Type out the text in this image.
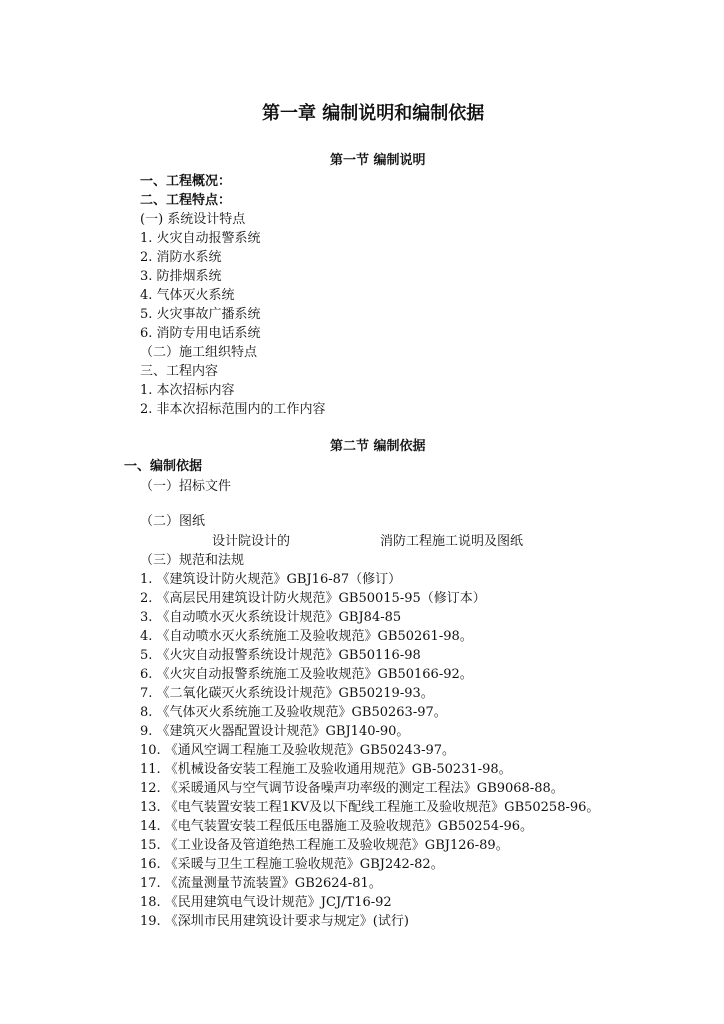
第一章 编制说明和编制依据
第一节 编制说明
一、工程概况：
二、工程特点：
(一) 系统设计特点
1. 火灾自动报警系统
2. 消防水系统
3. 防排烟系统
4. 气体灭火系统
5. 火灾事故广播系统
6. 消防专用电话系统
（二）施工组织特点
三、工程内容
1. 本次招标内容
2. 非本次招标范围内的工作内容
第二节 编制依据
一、编制依据
（一）招标文件
（二）图纸
设计院设计的	消防工程施工说明及图纸
（三）规范和法规
1. 《建筑设计防火规范》GBJ16-87（修订）
2. 《高层民用建筑设计防火规范》GB50015-95（修订本）
3. 《自动喷水灭火系统设计规范》GBJ84-85
4. 《自动喷水灭火系统施工及验收规范》GB50261-98。
5. 《火灾自动报警系统设计规范》GB50116-98
6. 《火灾自动报警系统施工及验收规范》GB50166-92。
7. 《二氧化碳灭火系统设计规范》GB50219-93。
8. 《气体灭火系统施工及验收规范》GB50263-97。
9. 《建筑灭火器配置设计规范》GBJ140-90。
10. 《通风空调工程施工及验收规范》GB50243-97。
11. 《机械设备安装工程施工及验收通用规范》GB-50231-98。
12. 《采暖通风与空气调节设备噪声功率级的测定工程法》GB9068-88。
13. 《电气装置安装工程1KV及以下配线工程施工及验收规范》GB50258-96。
14. 《电气装置安装工程低压电器施工及验收规范》GB50254-96。
15. 《工业设备及管道绝热工程施工及验收规范》GBJ126-89。
16. 《采暖与卫生工程施工验收规范》GBJ242-82。
17. 《流量测量节流装置》GB2624-81。
18. 《民用建筑电气设计规范》JCJ/T16-92
19. 《深圳市民用建筑设计要求与规定》(试行)
